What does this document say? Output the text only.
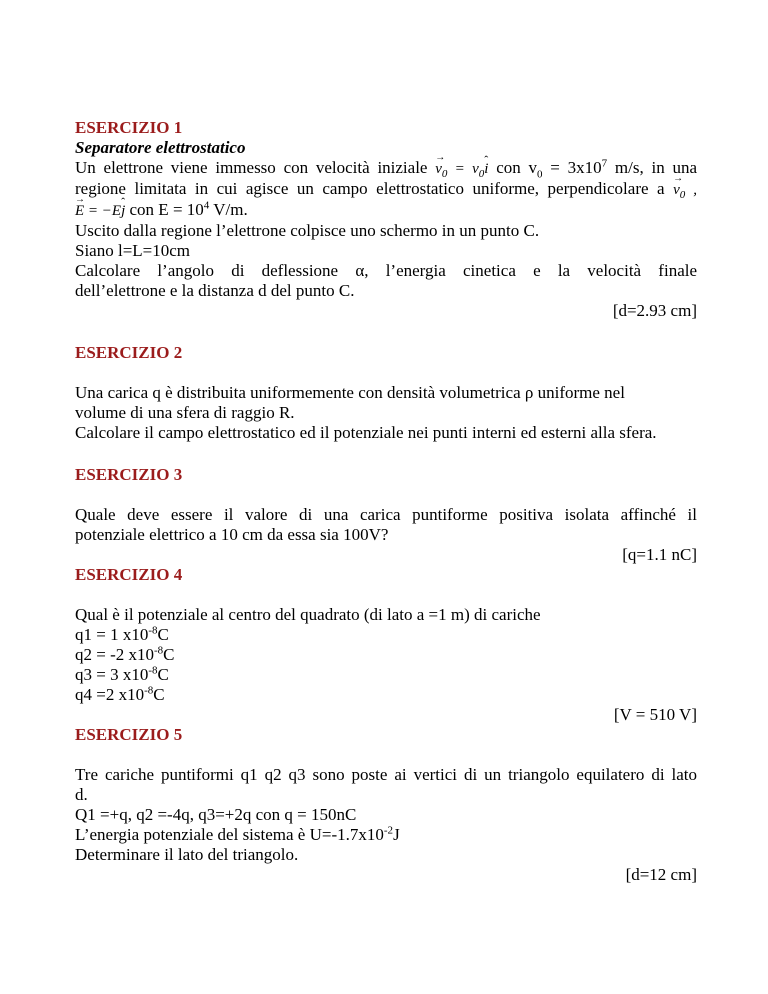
ESERCIZIO 1
Separatore elettrostatico
Un elettrone viene immesso con velocità iniziale → $v_0$ = $v_0ˆ$ i con $v_0 = 3x10^7$ m/s, in una
regione limitata in cui agisce un campo elettrostatico uniforme, perpendicolare $a \to v_0$ ,
→ E = −Eˆ j con $E = 10^4$ V/m.
Uscito dalla regione l’elettrone colpisce uno schermo in un punto C.
Siano l=L=10cm
Calcolare l’angolo di deflessione α, l’energia cinetica e la velocità finale
dell’elettrone e la distanza d del punto C.
[d=2.93 cm]
ESERCIZIO 2
Una carica q è distribuita uniformemente con densità volumetrica ρ uniforme nel
volume di una sfera di raggio R.
Calcolare il campo elettrostatico ed il potenziale nei punti interni ed esterni alla sfera.
ESERCIZIO 3
Quale deve essere il valore di una carica puntiforme positiva isolata affinché il
potenziale elettrico a 10 cm da essa sia 100V?
[q=1.1 nC]
ESERCIZIO 4
Qual è il potenziale al centro del quadrato (di lato a =1 m) di cariche
q1 = 1 $x10^{-8}C$
q2 = -2 $x10^{-8}C$
q3 = 3 $x10^{-8}C$
q4 =2 $x10^{-8}C$
[V = 510 V]
ESERCIZIO 5
Tre cariche puntiformi q1 q2 q3 sono poste ai vertici di un triangolo equilatero di lato
d.
Q1 =+q, q2 =-4q, q3=+2q con q = 150nC
L’energia potenziale del sistema è $U=-1.7x10^{-2}J$
Determinare il lato del triangolo.
[d=12 cm]
